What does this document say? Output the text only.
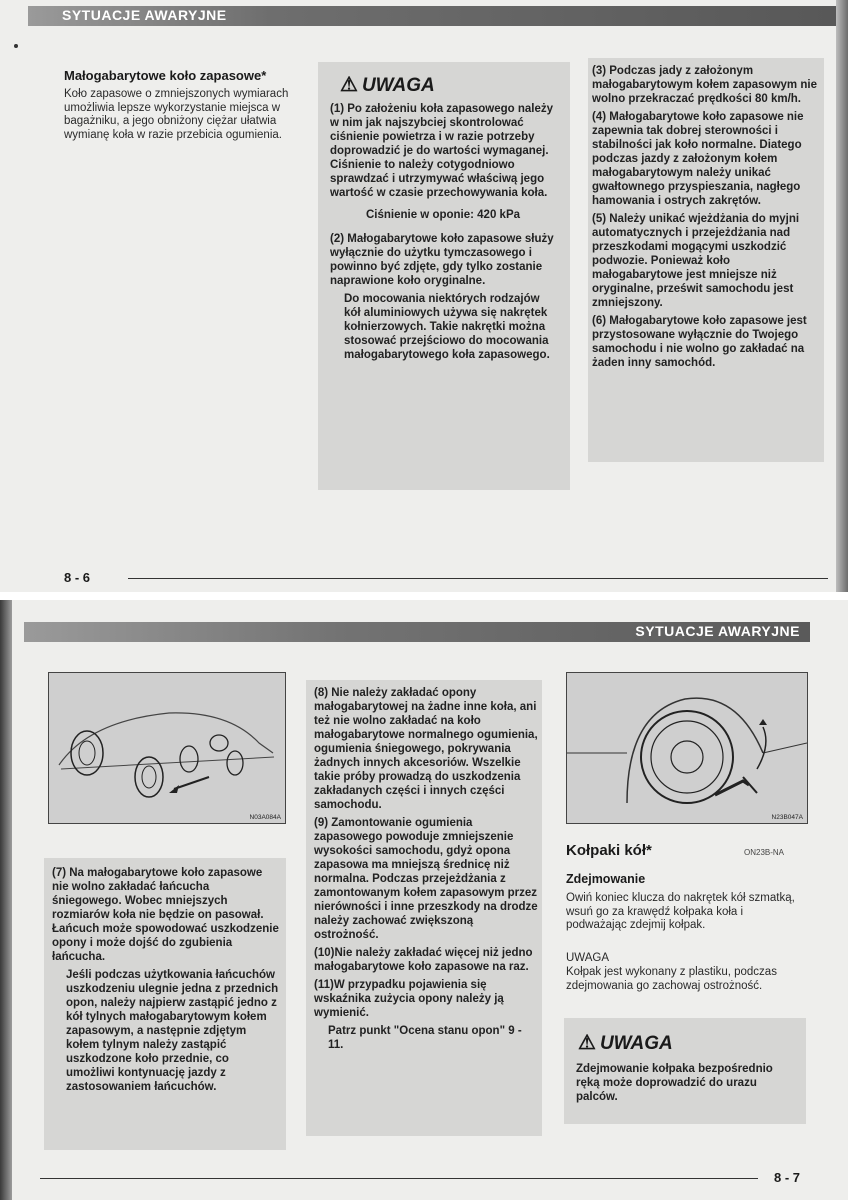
SYTUACJE AWARYJNE
Małogabarytowe koło zapasowe*

Koło zapasowe o zmniejszonych wymiarach umożliwia lepsze wykorzystanie miejsca w bagażniku, a jego obniżony ciężar ułatwia wymianę koła w razie przebicia ogumienia.

⚠ UWAGA

(1) Po założeniu koła zapasowego należy w nim jak najszybciej skontrolować ciśnienie powietrza i w razie potrzeby doprowadzić je do wartości wymaganej. Ciśnienie to należy cotygodniowo sprawdzać i utrzymywać właściwą jego wartość w czasie przechowywania koła.

Ciśnienie w oponie: 420 kPa

(2) Małogabarytowe koło zapasowe służy wyłącznie do użytku tymczasowego i powinno być zdjęte, gdy tylko zostanie naprawione koło oryginalne.

Do mocowania niektórych rodzajów kół aluminiowych używa się nakrętek kołnierzowych. Takie nakrętki można stosować przejściowo do mocowania małogabarytowego koła zapasowego.

(3) Podczas jady z założonym małogabarytowym kołem zapasowym nie wolno przekraczać prędkości 80 km/h.

(4) Małogabarytowe koło zapasowe nie zapewnia tak dobrej sterowności i stabilności jak koło normalne. Diatego podczas jazdy z założonym kołem małogabarytowym należy unikać gwałtownego przyspieszania, nagłego hamowania i ostrych zakrętów.

(5) Należy unikać wjeżdżania do myjni automatycznych i przejeżdżania nad przeszkodami mogącymi uszkodzić podwozie. Ponieważ koło małogabarytowe jest mniejsze niż oryginalne, prześwit samochodu jest zmniejszony.

(6) Małogabarytowe koło zapasowe jest przystosowane wyłącznie do Twojego samochodu i nie wolno go zakładać na żaden inny samochód.

8 - 6
SYTUACJE AWARYJNE
N03A084A

(7) Na małogabarytowe koło zapasowe nie wolno zakładać łańcucha śniegowego. Wobec mniejszych rozmiarów koła nie będzie on pasował. Łańcuch może spowodować uszkodzenie opony i może dojść do zgubienia łańcucha.

Jeśli podczas użytkowania łańcuchów uszkodzeniu ulegnie jedna z przednich opon, należy najpierw zastąpić jedno z kół tylnych małogabarytowym kołem zapasowym, a następnie zdjętym kołem tylnym należy zastąpić uszkodzone koło przednie, co umożliwi kontynuację jazdy z zastosowaniem łańcuchów.

(8) Nie należy zakładać opony małogabarytowej na żadne inne koła, ani też nie wolno zakładać na koło małogabarytowe normalnego ogumienia, ogumienia śniegowego, pokrywania żadnych innych akcesoriów. Wszelkie takie próby prowadzą do uszkodzenia zakładanych części i innych części samochodu.

(9) Zamontowanie ogumienia zapasowego powoduje zmniejszenie wysokości samochodu, gdyż opona zapasowa ma mniejszą średnicę niż normalna. Podczas przejeżdżania z zamontowanym kołem zapasowym przez nierówności i inne przeszkody na drodze należy zachować zwiększoną ostrożność.

(10)Nie należy zakładać więcej niż jedno małogabarytowe koło zapasowe na raz.

(11)W przypadku pojawienia się wskaźnika zużycia opony należy ją wymienić.

Patrz punkt "Ocena stanu opon" 9 - 11.

N23B047A
Kołpaki kół*	ON23B-NA
Zdejmowanie

Owiń koniec klucza do nakrętek kół szmatką, wsuń go za krawędź kołpaka koła i podważając zdejmij kołpak.

UWAGA

Kołpak jest wykonany z plastiku, podczas zdejmowania go zachowaj ostrożność.

⚠ UWAGA

Zdejmowanie kołpaka bezpośrednio ręką może doprowadzić do urazu palców.

8 - 7
